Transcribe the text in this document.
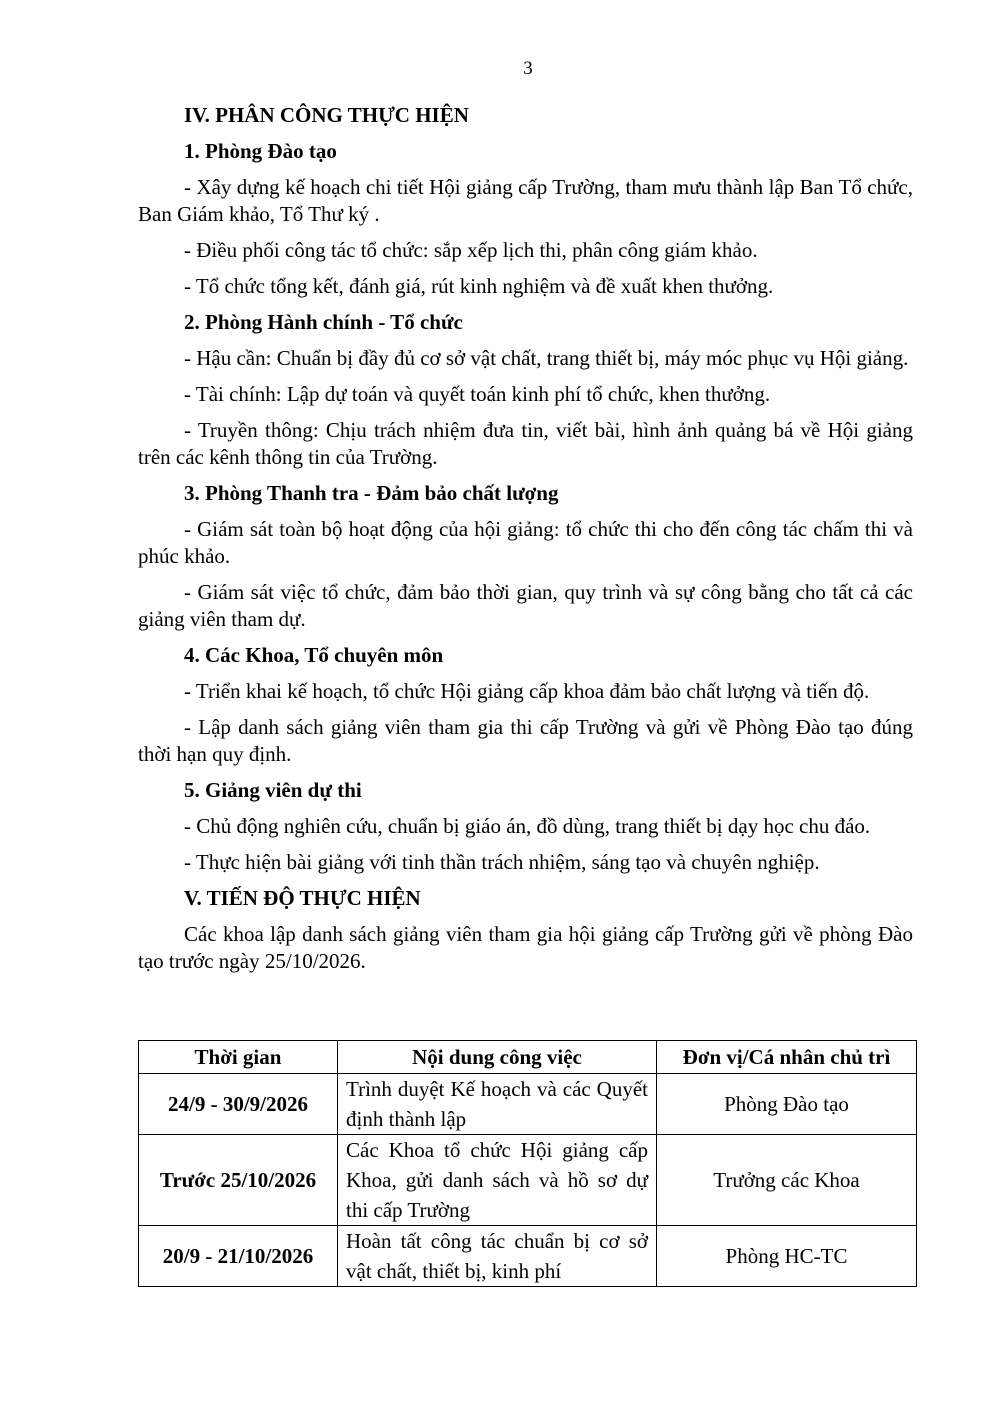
3
IV. PHÂN CÔNG THỰC HIỆN
1. Phòng Đào tạo
- Xây dựng kế hoạch chi tiết Hội giảng cấp Trường, tham mưu thành lập Ban Tổ chức, Ban Giám khảo, Tổ Thư ký .
- Điều phối công tác tổ chức: sắp xếp lịch thi, phân công giám khảo.
- Tổ chức tổng kết, đánh giá, rút kinh nghiệm và đề xuất khen thưởng.
2. Phòng Hành chính - Tổ chức
- Hậu cần: Chuẩn bị đầy đủ cơ sở vật chất, trang thiết bị, máy móc phục vụ Hội giảng.
- Tài chính: Lập dự toán và quyết toán kinh phí tổ chức, khen thưởng.
- Truyền thông: Chịu trách nhiệm đưa tin, viết bài, hình ảnh quảng bá về Hội giảng trên các kênh thông tin của Trường.
3. Phòng Thanh tra - Đảm bảo chất lượng
- Giám sát toàn bộ hoạt động của hội giảng: tổ chức thi cho đến công tác chấm thi và phúc khảo.
- Giám sát việc tổ chức, đảm bảo thời gian, quy trình và sự công bằng cho tất cả các giảng viên tham dự.
4. Các Khoa, Tổ chuyên môn
- Triển khai kế hoạch, tổ chức Hội giảng cấp khoa đảm bảo chất lượng và tiến độ.
- Lập danh sách giảng viên tham gia thi cấp Trường và gửi về Phòng Đào tạo đúng thời hạn quy định.
5. Giảng viên dự thi
- Chủ động nghiên cứu, chuẩn bị giáo án, đồ dùng, trang thiết bị dạy học chu đáo.
- Thực hiện bài giảng với tinh thần trách nhiệm, sáng tạo và chuyên nghiệp.
V. TIẾN ĐỘ THỰC HIỆN
Các khoa lập danh sách giảng viên tham gia hội giảng cấp Trường gửi về phòng Đào tạo trước ngày 25/10/2026.
Thời gian	Nội dung công việc	Đơn vị/Cá nhân chủ trì
24/9 - 30/9/2026	Trình duyệt Kế hoạch và các Quyết định thành lập	Phòng Đào tạo
Trước 25/10/2026	Các Khoa tổ chức Hội giảng cấp Khoa, gửi danh sách và hồ sơ dự thi cấp Trường	Trưởng các Khoa
20/9 - 21/10/2026	Hoàn tất công tác chuẩn bị cơ sở vật chất, thiết bị, kinh phí	Phòng HC-TC
